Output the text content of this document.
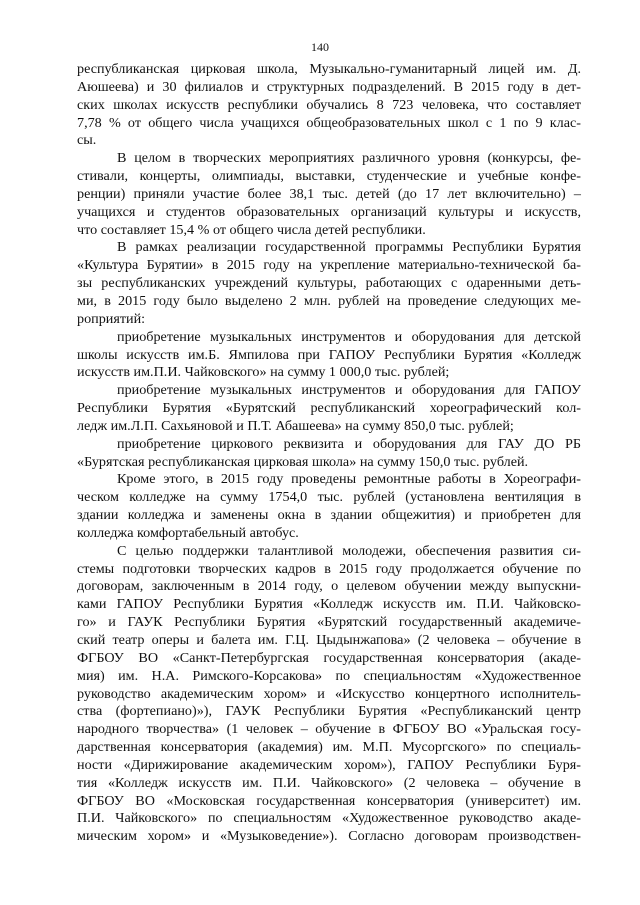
140
республиканская цирковая школа, Музыкально-гуманитарный лицей им. Д.
Аюшеева) и 30 филиалов и структурных подразделений. В 2015 году в дет-
ских школах искусств республики обучались 8 723 человека, что составляет
7,78 % от общего числа учащихся общеобразовательных школ с 1 по 9 клас-
сы.
В целом в творческих мероприятиях различного уровня (конкурсы, фе-
стивали, концерты, олимпиады, выставки, студенческие и учебные конфе-
ренции) приняли участие более 38,1 тыс. детей (до 17 лет включительно) –
учащихся и студентов образовательных организаций культуры и искусств,
что составляет 15,4 % от общего числа детей республики.
В рамках реализации государственной программы Республики Бурятия
«Культура Бурятии» в 2015 году на укрепление материально-технической ба-
зы республиканских учреждений культуры, работающих с одаренными деть-
ми, в 2015 году было выделено 2 млн. рублей на проведение следующих ме-
роприятий:
приобретение музыкальных инструментов и оборудования для детской
школы искусств им.Б. Ямпилова при ГАПОУ Республики Бурятия «Колледж
искусств им.П.И. Чайковского» на сумму 1 000,0 тыс. рублей;
приобретение музыкальных инструментов и оборудования для ГАПОУ
Республики Бурятия «Бурятский республиканский хореографический кол-
ледж им.Л.П. Сахьяновой и П.Т. Абашеева» на сумму 850,0 тыс. рублей;
приобретение циркового реквизита и оборудования для ГАУ ДО РБ
«Бурятская республиканская цирковая школа» на сумму 150,0 тыс. рублей.
Кроме этого, в 2015 году проведены ремонтные работы в Хореографи-
ческом колледже на сумму 1754,0 тыс. рублей (установлена вентиляция в
здании колледжа и заменены окна в здании общежития) и приобретен для
колледжа комфортабельный автобус.
С целью поддержки талантливой молодежи, обеспечения развития си-
стемы подготовки творческих кадров в 2015 году продолжается обучение по
договорам, заключенным в 2014 году, о целевом обучении между выпускни-
ками ГАПОУ Республики Бурятия «Колледж искусств им. П.И. Чайковско-
го» и ГАУК Республики Бурятия «Бурятский государственный академиче-
ский театр оперы и балета им. Г.Ц. Цыдынжапова» (2 человека – обучение в
ФГБОУ ВО «Санкт-Петербургская государственная консерватория (акаде-
мия) им. Н.А. Римского-Корсакова» по специальностям «Художественное
руководство академическим хором» и «Искусство концертного исполнитель-
ства (фортепиано)»), ГАУК Республики Бурятия «Республиканский центр
народного творчества» (1 человек – обучение в ФГБОУ ВО «Уральская госу-
дарственная консерватория (академия) им. М.П. Мусоргского» по специаль-
ности «Дирижирование академическим хором»), ГАПОУ Республики Буря-
тия «Колледж искусств им. П.И. Чайковского» (2 человека – обучение в
ФГБОУ ВО «Московская государственная консерватория (университет) им.
П.И. Чайковского» по специальностям «Художественное руководство акаде-
мическим хором» и «Музыковедение»). Согласно договорам производствен-
